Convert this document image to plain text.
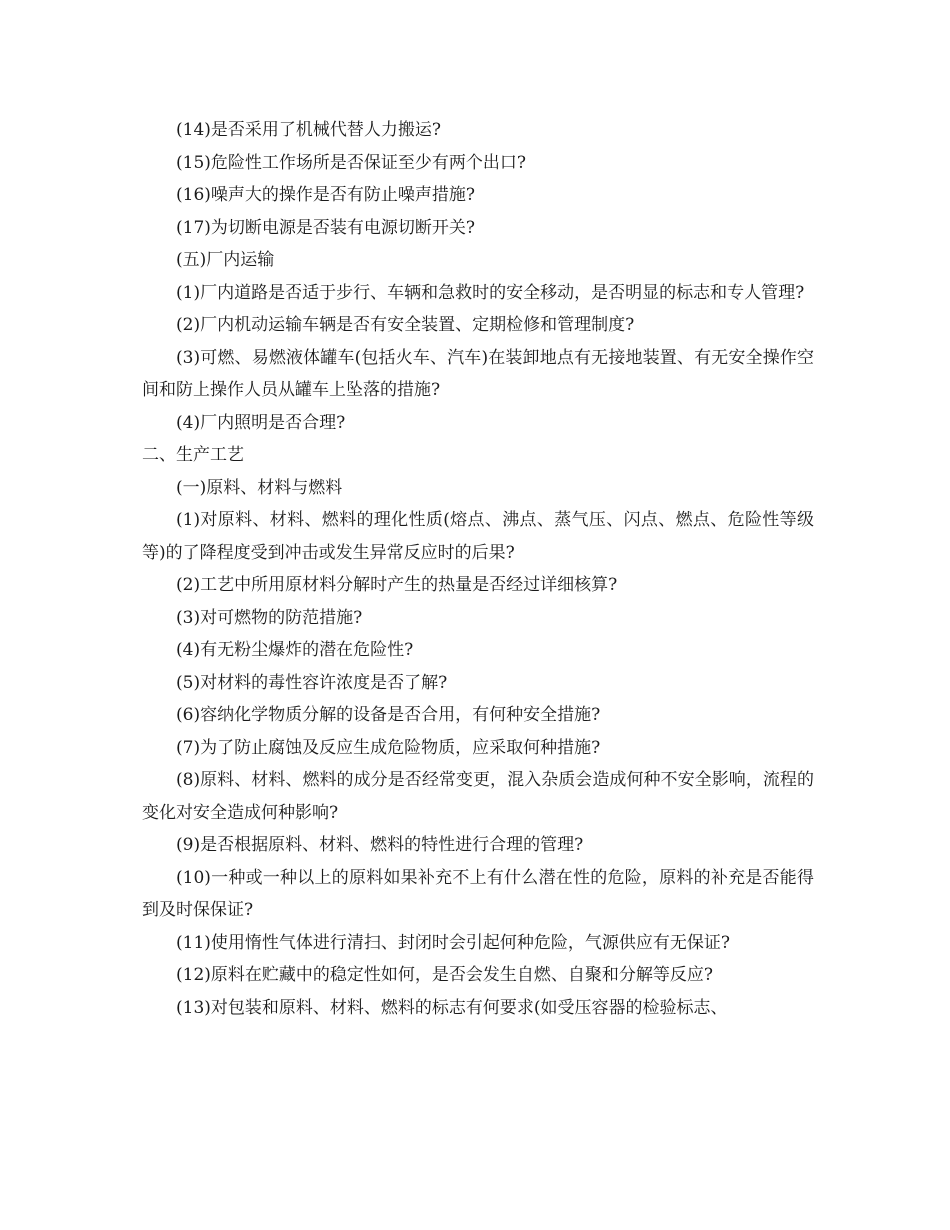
(14)是否采用了机械代替人力搬运?

(15)危险性工作场所是否保证至少有两个出口?

(16)噪声大的操作是否有防止噪声措施?

(17)为切断电源是否装有电源切断开关?

(五)厂内运输

(1)厂内道路是否适于步行、车辆和急救时的安全移动，是否明显的标志和专人管理?

(2)厂内机动运输车辆是否有安全装置、定期检修和管理制度?

(3)可燃、易燃液体罐车(包括火车、汽车)在装卸地点有无接地装置、有无安全操作空间和防上操作人员从罐车上坠落的措施?

(4)厂内照明是否合理?

二、生产工艺

(一)原料、材料与燃料

(1)对原料、材料、燃料的理化性质(熔点、沸点、蒸气压、闪点、燃点、危险性等级等)的了降程度受到冲击或发生异常反应时的后果?

(2)工艺中所用原材料分解时产生的热量是否经过详细核算?

(3)对可燃物的防范措施?

(4)有无粉尘爆炸的潜在危险性?

(5)对材料的毒性容许浓度是否了解?

(6)容纳化学物质分解的设备是否合用，有何种安全措施?

(7)为了防止腐蚀及反应生成危险物质，应采取何种措施?

(8)原料、材料、燃料的成分是否经常变更，混入杂质会造成何种不安全影响，流程的变化对安全造成何种影响?

(9)是否根据原料、材料、燃料的特性进行合理的管理?

(10)一种或一种以上的原料如果补充不上有什么潜在性的危险，原料的补充是否能得到及时保保证?

(11)使用惰性气体进行清扫、封闭时会引起何种危险，气源供应有无保证?

(12)原料在贮藏中的稳定性如何，是否会发生自燃、自聚和分解等反应?

(13)对包装和原料、材料、燃料的标志有何要求(如受压容器的检验标志、
